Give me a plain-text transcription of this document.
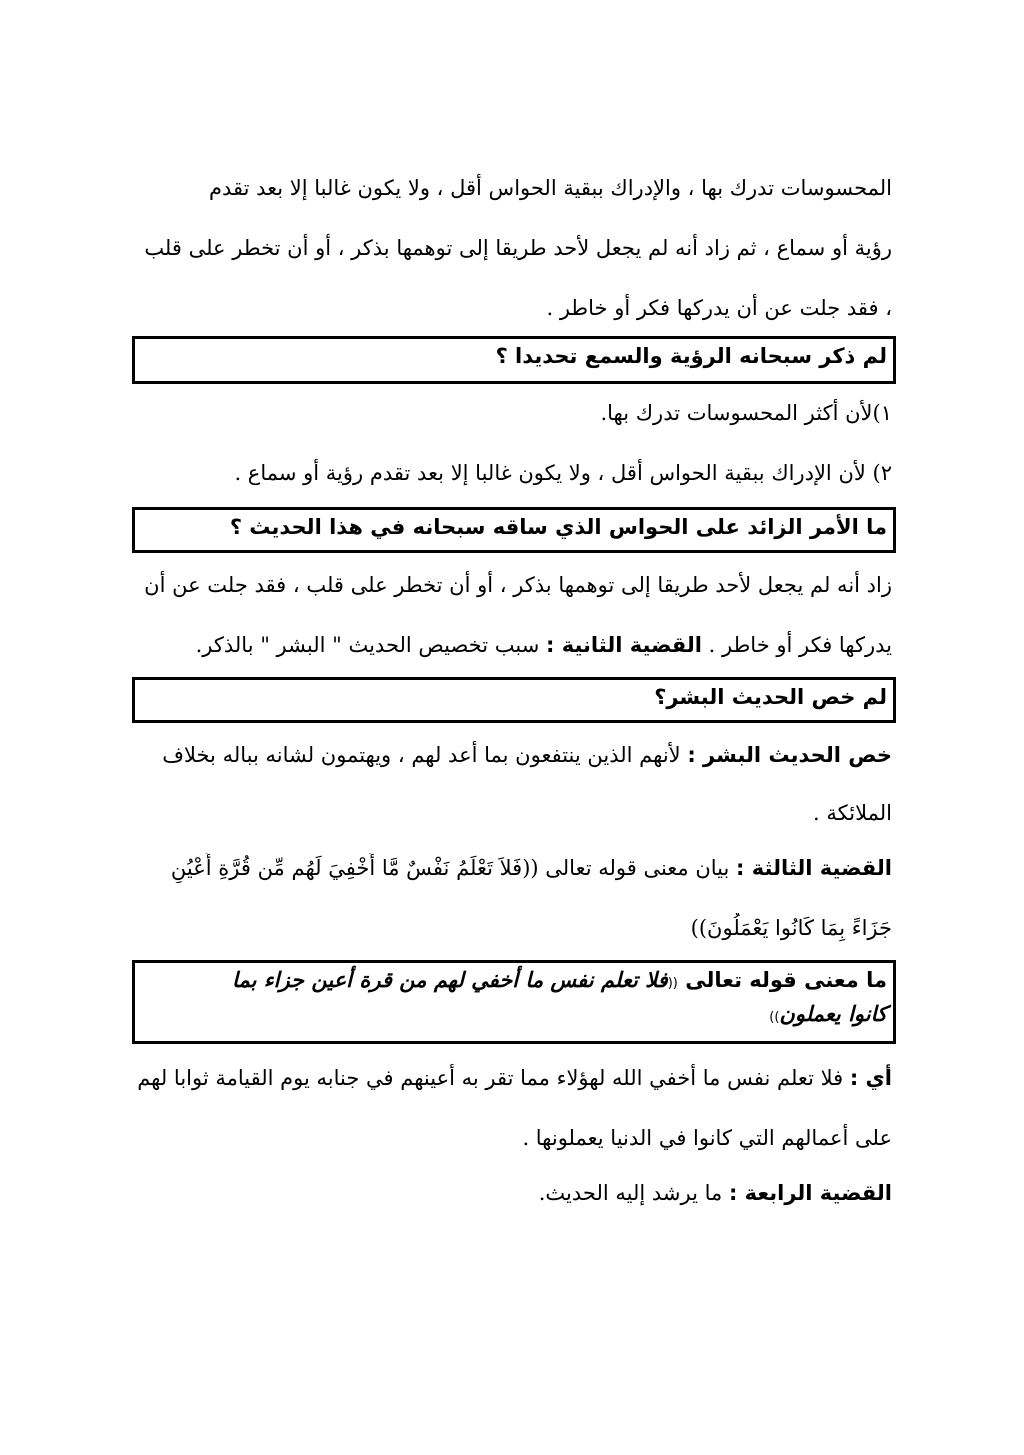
المحسوسات تدرك بها ، والإدراك ببقية الحواس أقل ، ولا يكون غالبا إلا بعد تقدم
رؤية أو سماع ، ثم زاد أنه لم يجعل لأحد طريقا إلى توهمها بذكر ، أو أن تخطر على قلب
، فقد جلت عن أن يدركها فكر أو خاطر .
لم ذكر سبحانه الرؤية والسمع تحديدا ؟
١)لأن أكثر المحسوسات تدرك بها.
٢) لأن الإدراك ببقية الحواس أقل ، ولا يكون غالبا إلا بعد تقدم رؤية أو سماع .
ما الأمر الزائد على الحواس الذي ساقه سبحانه في هذا الحديث ؟
زاد أنه لم يجعل لأحد طريقا إلى توهمها بذكر ، أو أن تخطر على قلب ، فقد جلت عن أن
يدركها فكر أو خاطر . القضية الثانية : سبب تخصيص الحديث " البشر " بالذكر.
لم خص الحديث البشر؟
خص الحديث البشر : لأنهم الذين ينتفعون بما أعد لهم ، ويهتمون لشانه بباله بخلاف
الملائكة .
القضية الثالثة : بيان معنى قوله تعالى ((فَلاَ تَعْلَمُ نَفْسٌ مَّا أُخْفِيَ لَهُم مِّن قُرَّةِ أَعْيُنٍ
جَزَاءً بِمَا كَانُوا يَعْمَلُونَ))
ما معنى قوله تعالى ((فلا تعلم نفس ما أخفي لهم من قرة أعين جزاء بما
كانوا يعملون))
أي : فلا تعلم نفس ما أخفي الله لهؤلاء مما تقر به أعينهم في جنابه يوم القيامة ثوابا لهم
على أعمالهم التي كانوا في الدنيا يعملونها .
القضية الرابعة : ما يرشد إليه الحديث.
